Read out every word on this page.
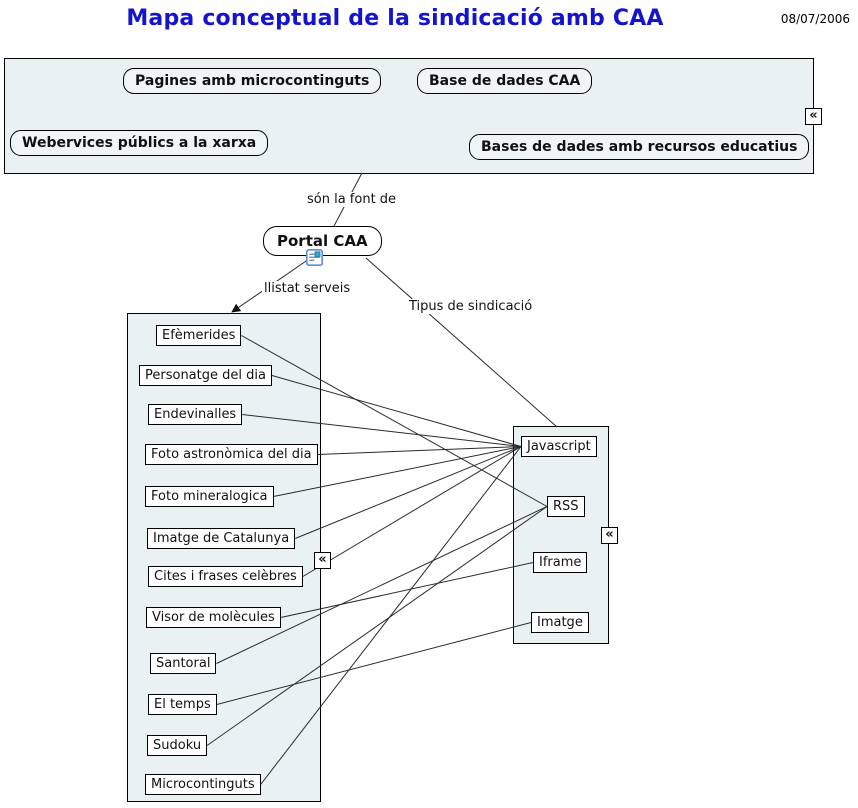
Mapa conceptual de la sindicació amb CAA	08/07/2006
Pagines amb microcontinguts	Base de dades CAA
Webervices públics a la xarxa	Bases de dades amb recursos educatius
«
«
«
Portal CAA
són la font de
llistat serveis
Tipus de sindicació
Efèmerides
Personatge del dia
Endevinalles
Foto astronòmica del dia
Foto mineralogica
Imatge de Catalunya
Cites i frases celèbres
Visor de molècules
Santoral
El temps
Sudoku
Microcontinguts
Javascript
RSS
Iframe
Imatge
